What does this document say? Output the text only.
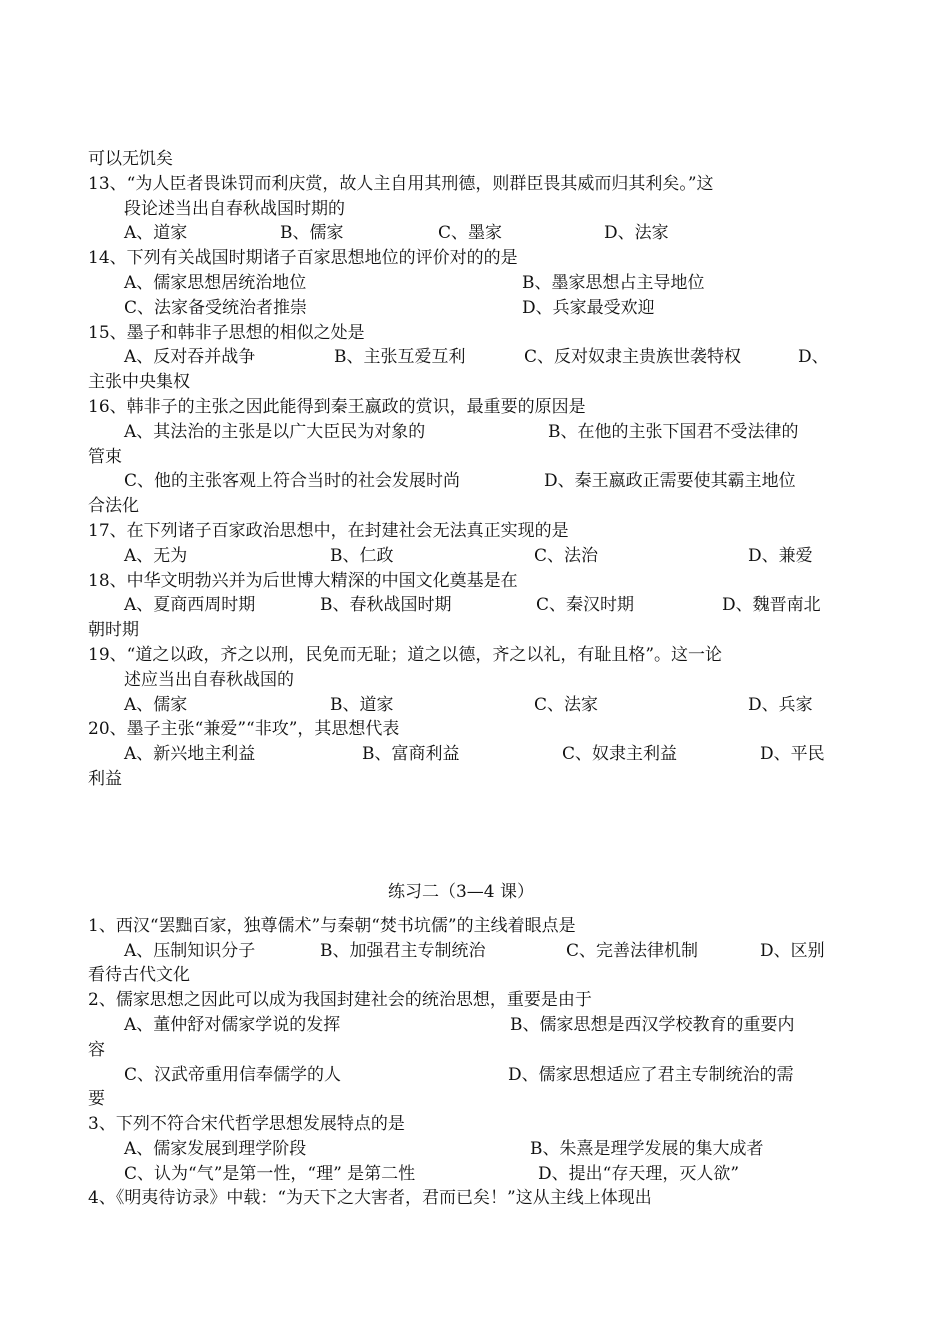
可以无饥矣
13、“为人臣者畏诛罚而利庆赏，故人主自用其刑德，则群臣畏其威而归其利矣。”这
段论述当出自春秋战国时期的
A、道家	B、儒家	C、墨家	D、法家
14、下列有关战国时期诸子百家思想地位的评价对的的是
A、儒家思想居统治地位	B、墨家思想占主导地位
C、法家备受统治者推崇	D、兵家最受欢迎
15、墨子和韩非子思想的相似之处是
A、反对吞并战争	B、主张互爱互利	C、反对奴隶主贵族世袭特权	D、
主张中央集权
16、韩非子的主张之因此能得到秦王嬴政的赏识，最重要的原因是
A、其法治的主张是以广大臣民为对象的	B、在他的主张下国君不受法律的
管束
C、他的主张客观上符合当时的社会发展时尚	D、秦王嬴政正需要使其霸主地位
合法化
17、在下列诸子百家政治思想中，在封建社会无法真正实现的是
A、无为	B、仁政	C、法治	D、兼爱
18、中华文明勃兴并为后世博大精深的中国文化奠基是在
A、夏商西周时期	B、春秋战国时期	C、秦汉时期	D、魏晋南北
朝时期
19、“道之以政，齐之以刑，民免而无耻；道之以德，齐之以礼，有耻且格”。这一论
述应当出自春秋战国的
A、儒家	B、道家	C、法家	D、兵家
20、墨子主张“兼爱”“非攻”，其思想代表
A、新兴地主利益	B、富商利益	C、奴隶主利益	D、平民
利益
练习二（3—4 课）
1、西汉“罢黜百家，独尊儒术”与秦朝“焚书坑儒”的主线着眼点是
A、压制知识分子	B、加强君主专制统治	C、完善法律机制	D、区别
看待古代文化
2、儒家思想之因此可以成为我国封建社会的统治思想，重要是由于
A、董仲舒对儒家学说的发挥	B、儒家思想是西汉学校教育的重要内
容
C、汉武帝重用信奉儒学的人	D、儒家思想适应了君主专制统治的需
要
3、下列不符合宋代哲学思想发展特点的是
A、儒家发展到理学阶段	B、朱熹是理学发展的集大成者
C、认为“气”是第一性，“理” 是第二性	D、提出“存天理，灭人欲”
4、《明夷待访录》中载：“为天下之大害者，君而已矣！”这从主线上体现出
